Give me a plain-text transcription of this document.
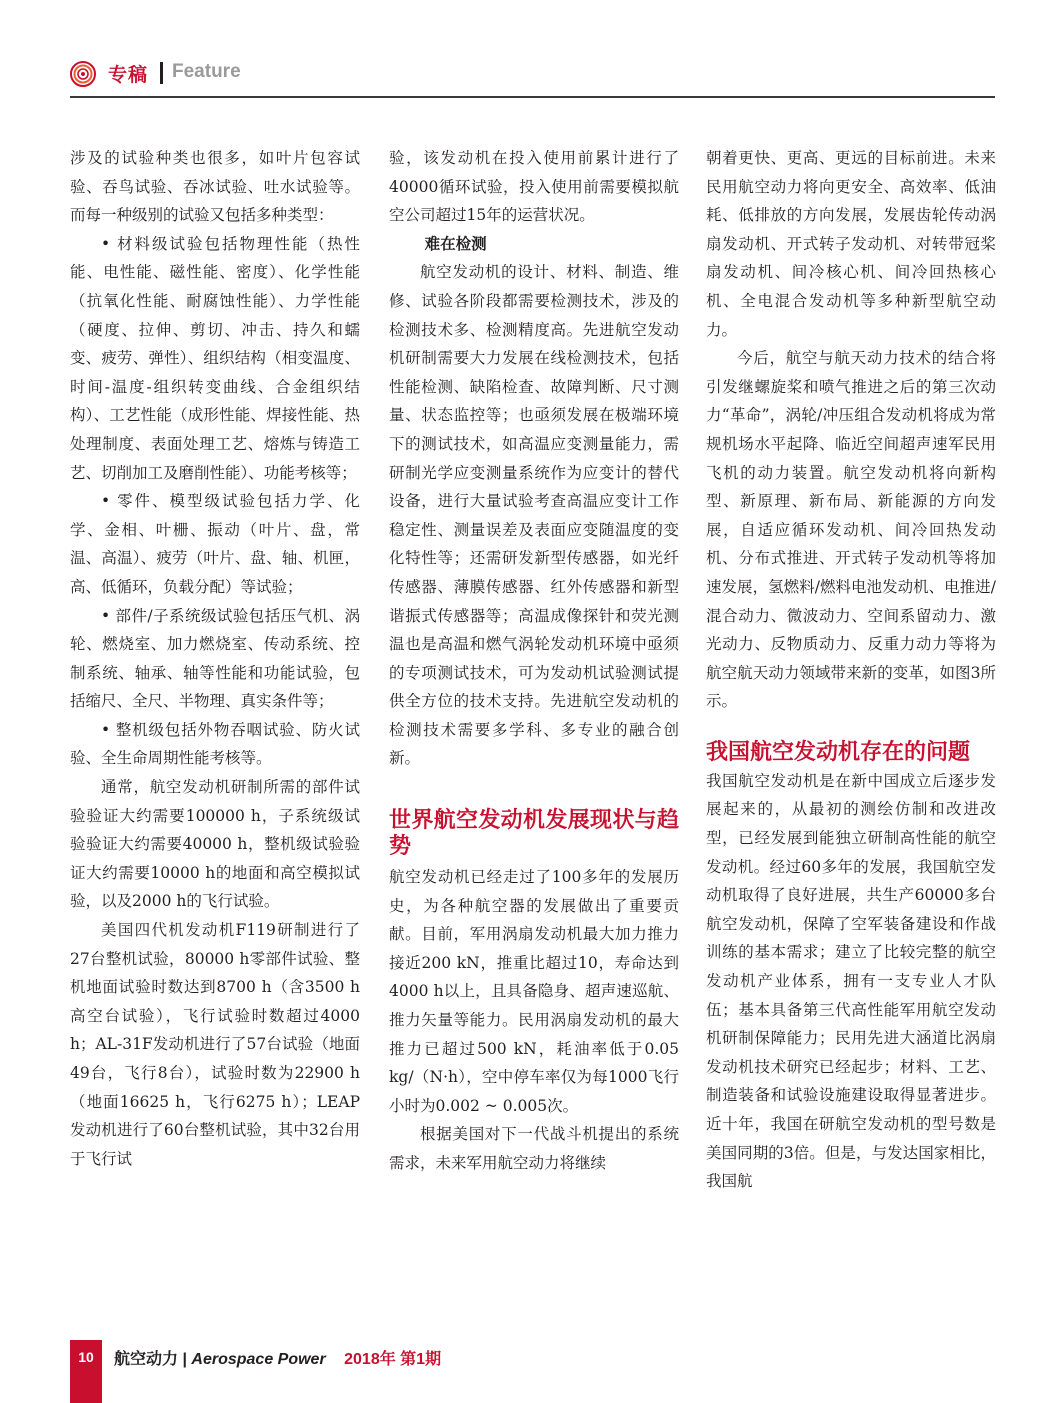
专稿 Feature

涉及的试验种类也很多，如叶片包容试验、吞鸟试验、吞冰试验、吐水试验等。而每一种级别的试验又包括多种类型：

• 材料级试验包括物理性能（热性能、电性能、磁性能、密度）、化学性能（抗氧化性能、耐腐蚀性能）、力学性能（硬度、拉伸、剪切、冲击、持久和蠕变、疲劳、弹性）、组织结构（相变温度、时间-温度-组织转变曲线、合金组织结构）、工艺性能（成形性能、焊接性能、热处理制度、表面处理工艺、熔炼与铸造工艺、切削加工及磨削性能）、功能考核等；

• 零件、模型级试验包括力学、化学、金相、叶栅、振动（叶片、盘，常温、高温）、疲劳（叶片、盘、轴、机匣，高、低循环，负载分配）等试验；

• 部件/子系统级试验包括压气机、涡轮、燃烧室、加力燃烧室、传动系统、控制系统、轴承、轴等性能和功能试验，包括缩尺、全尺、半物理、真实条件等；

• 整机级包括外物吞咽试验、防火试验、全生命周期性能考核等。

通常，航空发动机研制所需的部件试验验证大约需要100000 h，子系统级试验验证大约需要40000 h，整机级试验验证大约需要10000 h的地面和高空模拟试验，以及2000 h的飞行试验。

美国四代机发动机F119研制进行了27台整机试验，80000 h零部件试验、整机地面试验时数达到8700 h（含3500 h高空台试验），飞行试验时数超过4000 h；AL-31F发动机进行了57台试验（地面49台，飞行8台），试验时数为22900 h（地面16625 h，飞行6275 h）；LEAP发动机进行了60台整机试验，其中32台用于飞行试

验，该发动机在投入使用前累计进行了40000循环试验，投入使用前需要模拟航空公司超过15年的运营状况。

难在检测

航空发动机的设计、材料、制造、维修、试验各阶段都需要检测技术，涉及的检测技术多、检测精度高。先进航空发动机研制需要大力发展在线检测技术，包括性能检测、缺陷检查、故障判断、尺寸测量、状态监控等；也亟须发展在极端环境下的测试技术，如高温应变测量能力，需研制光学应变测量系统作为应变计的替代设备，进行大量试验考查高温应变计工作稳定性、测量误差及表面应变随温度的变化特性等；还需研发新型传感器，如光纤传感器、薄膜传感器、红外传感器和新型谐振式传感器等；高温成像探针和荧光测温也是高温和燃气涡轮发动机环境中亟须的专项测试技术，可为发动机试验测试提供全方位的技术支持。先进航空发动机的检测技术需要多学科、多专业的融合创新。

世界航空发动机发展现状与趋势

航空发动机已经走过了100多年的发展历史，为各种航空器的发展做出了重要贡献。目前，军用涡扇发动机最大加力推力接近200 kN，推重比超过10，寿命达到4000 h以上，且具备隐身、超声速巡航、推力矢量等能力。民用涡扇发动机的最大推力已超过500 kN，耗油率低于0.05 kg/（N·h），空中停车率仅为每1000飞行小时为0.002 ~ 0.005次。

根据美国对下一代战斗机提出的系统需求，未来军用航空动力将继续

朝着更快、更高、更远的目标前进。未来民用航空动力将向更安全、高效率、低油耗、低排放的方向发展，发展齿轮传动涡扇发动机、开式转子发动机、对转带冠桨扇发动机、间冷核心机、间冷回热核心机、全电混合发动机等多种新型航空动力。

今后，航空与航天动力技术的结合将引发继螺旋桨和喷气推进之后的第三次动力“革命”，涡轮/冲压组合发动机将成为常规机场水平起降、临近空间超声速军民用飞机的动力装置。航空发动机将向新构型、新原理、新布局、新能源的方向发展，自适应循环发动机、间冷回热发动机、分布式推进、开式转子发动机等将加速发展，氢燃料/燃料电池发动机、电推进/混合动力、微波动力、空间系留动力、激光动力、反物质动力、反重力动力等将为航空航天动力领域带来新的变革，如图3所示。

我国航空发动机存在的问题

我国航空发动机是在新中国成立后逐步发展起来的，从最初的测绘仿制和改进改型，已经发展到能独立研制高性能的航空发动机。经过60多年的发展，我国航空发动机取得了良好进展，共生产60000多台航空发动机，保障了空军装备建设和作战训练的基本需求；建立了比较完整的航空发动机产业体系，拥有一支专业人才队伍；基本具备第三代高性能军用航空发动机研制保障能力；民用先进大涵道比涡扇发动机技术研究已经起步；材料、工艺、制造装备和试验设施建设取得显著进步。近十年，我国在研航空发动机的型号数是美国同期的3倍。但是，与发达国家相比，我国航

10	航空动力 | Aerospace Power 2018年 第1期
